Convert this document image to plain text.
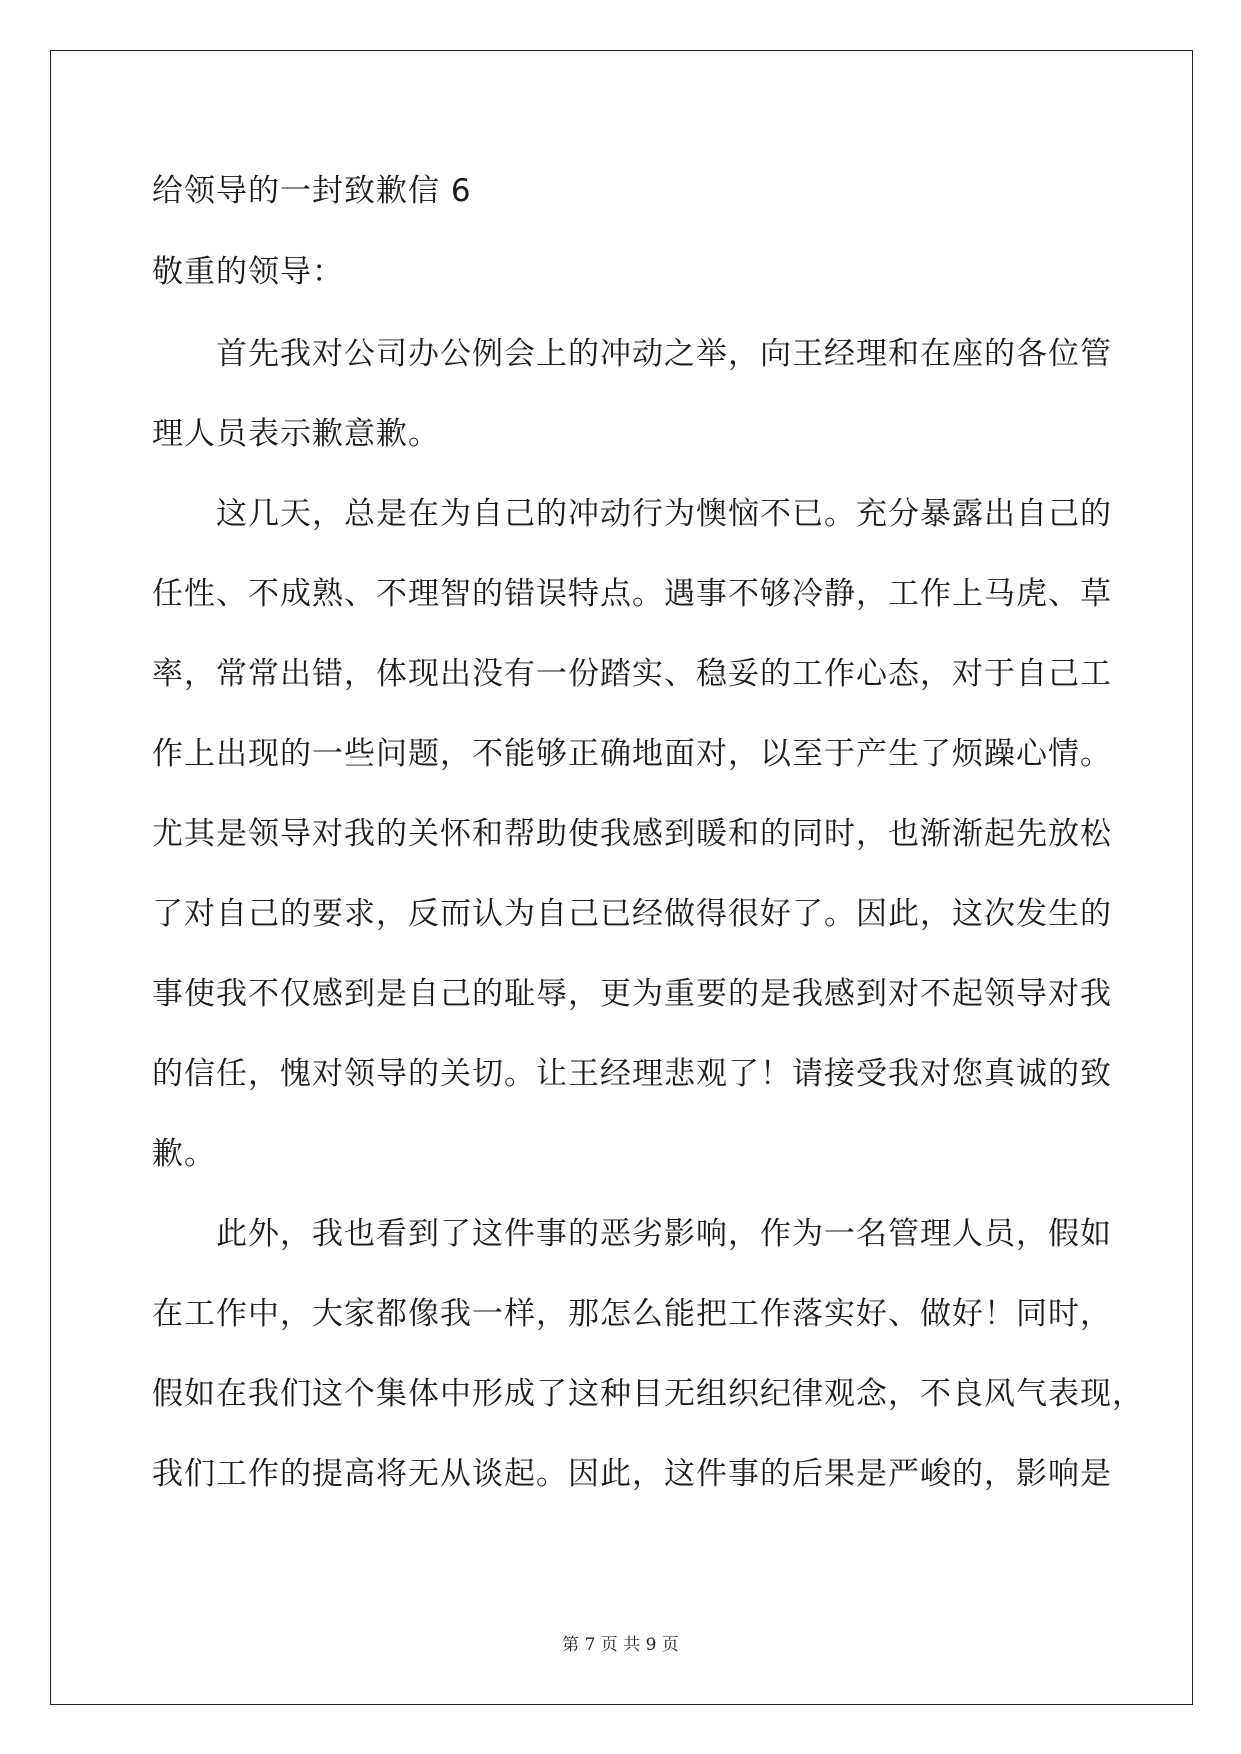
给领导的一封致歉信 6
敬重的领导：
首先我对公司办公例会上的冲动之举，向王经理和在座的各位管
理人员表示歉意歉。
这几天，总是在为自己的冲动行为懊恼不已。充分暴露出自己的
任性、不成熟、不理智的错误特点。遇事不够冷静，工作上马虎、草
率，常常出错，体现出没有一份踏实、稳妥的工作心态，对于自己工
作上出现的一些问题，不能够正确地面对，以至于产生了烦躁心情。
尤其是领导对我的关怀和帮助使我感到暖和的同时，也渐渐起先放松
了对自己的要求，反而认为自己已经做得很好了。因此，这次发生的
事使我不仅感到是自己的耻辱，更为重要的是我感到对不起领导对我
的信任，愧对领导的关切。让王经理悲观了！请接受我对您真诚的致
歉。
此外，我也看到了这件事的恶劣影响，作为一名管理人员，假如
在工作中，大家都像我一样，那怎么能把工作落实好、做好！同时，
假如在我们这个集体中形成了这种目无组织纪律观念，不良风气表现，
我们工作的提高将无从谈起。因此，这件事的后果是严峻的，影响是
第 7 页 共 9 页
